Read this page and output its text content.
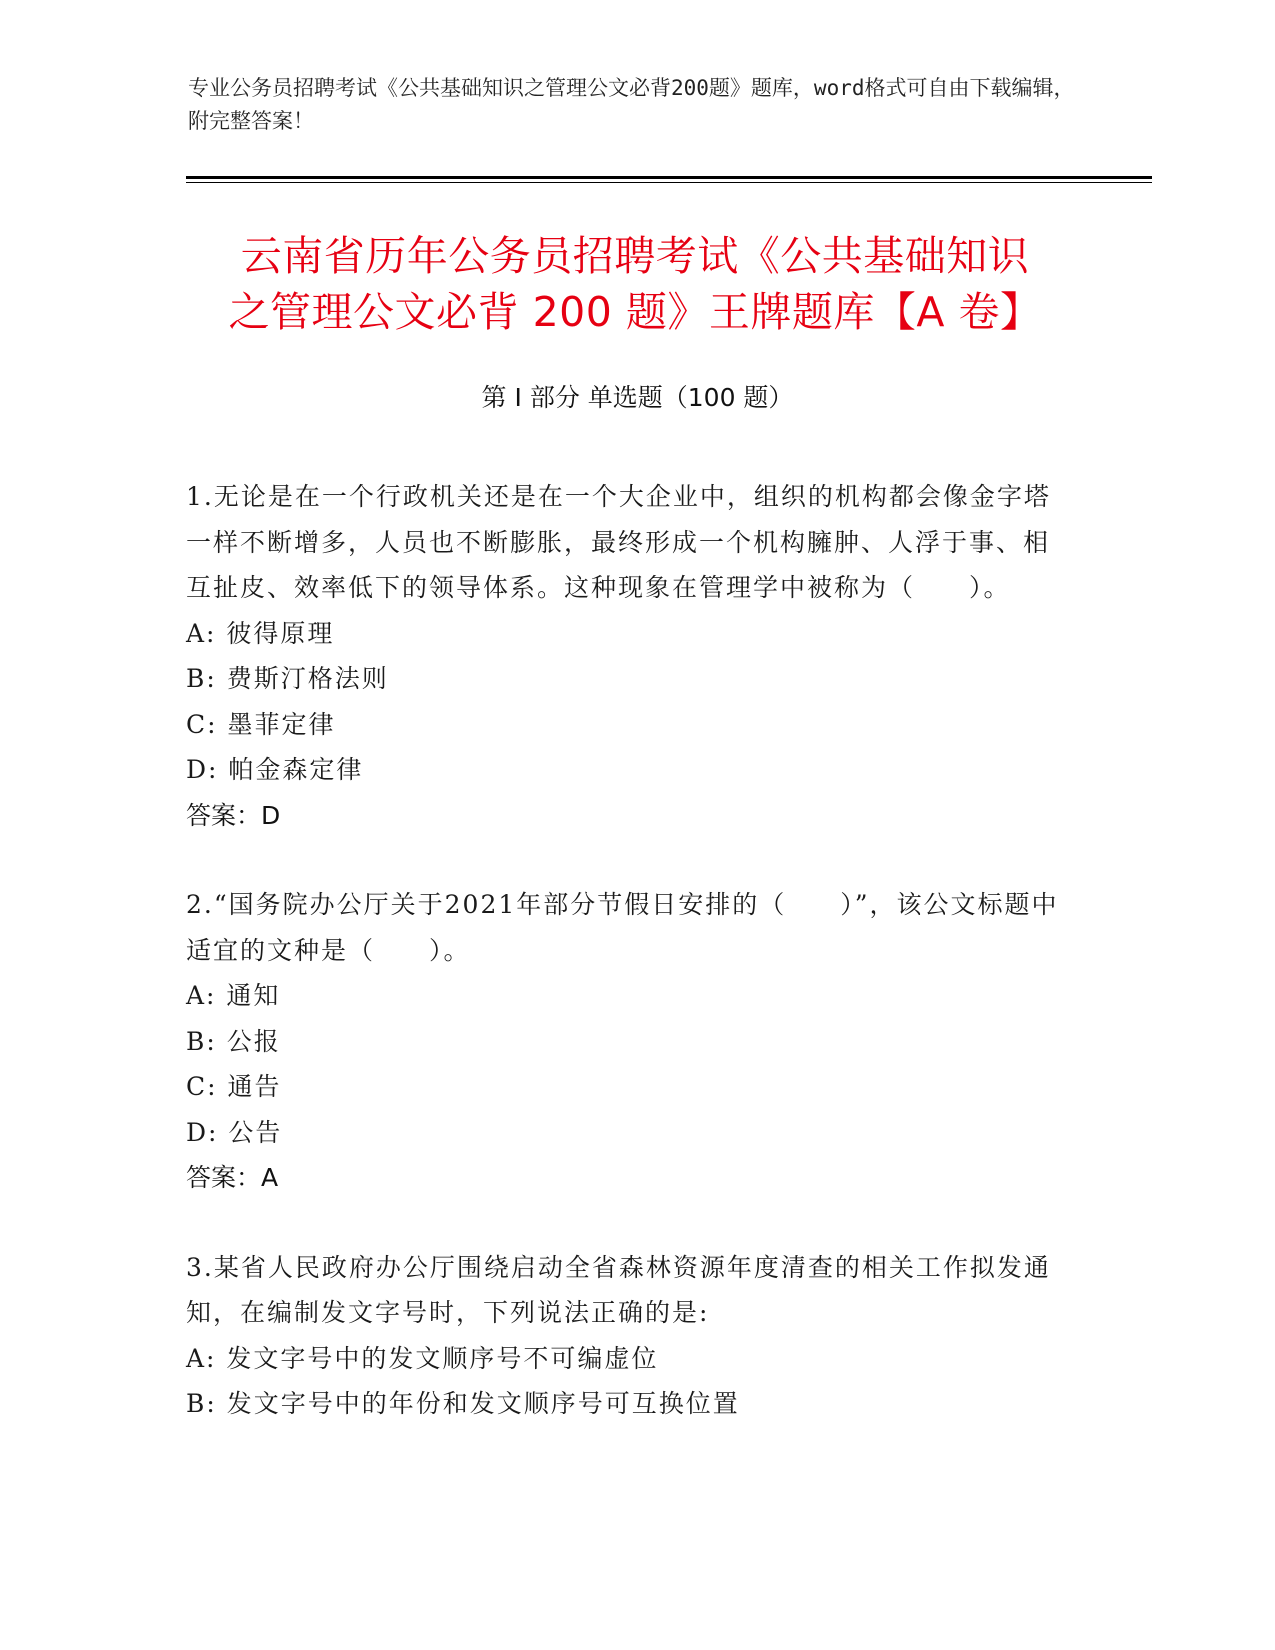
专业公务员招聘考试《公共基础知识之管理公文必背200题》题库，word格式可自由下载编辑，附完整答案！
云南省历年公务员招聘考试《公共基础知识
之管理公文必背 200 题》王牌题库【A 卷】
第 I 部分 单选题（100 题）
1.无论是在一个行政机关还是在一个大企业中，组织的机构都会像金字塔一样不断增多，人员也不断膨胀，最终形成一个机构臃肿、人浮于事、相互扯皮、效率低下的领导体系。这种现象在管理学中被称为（　　）。
A: 彼得原理
B: 费斯汀格法则
C: 墨菲定律
D: 帕金森定律
答案：D
2.“国务院办公厅关于2021年部分节假日安排的（　　）”，该公文标题中适宜的文种是（　　）。
A: 通知
B: 公报
C: 通告
D: 公告
答案：A
3.某省人民政府办公厅围绕启动全省森林资源年度清查的相关工作拟发通知，在编制发文字号时，下列说法正确的是:
A: 发文字号中的发文顺序号不可编虚位
B: 发文字号中的年份和发文顺序号可互换位置
